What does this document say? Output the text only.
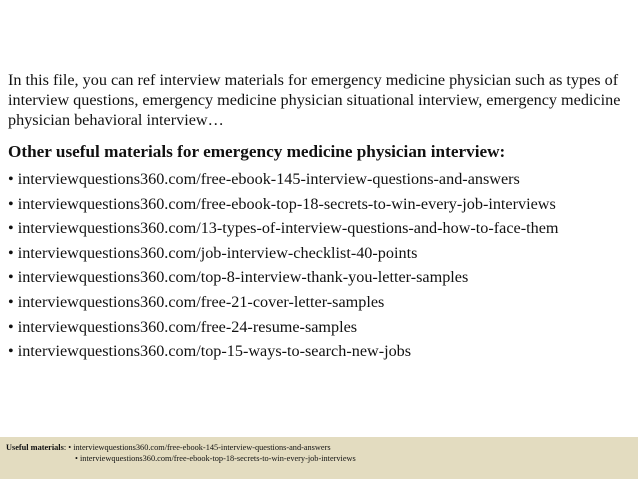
In this file, you can ref interview materials for emergency medicine physician such as types of interview questions, emergency medicine physician situational interview, emergency medicine physician behavioral interview…

Other useful materials for emergency medicine physician interview:
• interviewquestions360.com/free-ebook-145-interview-questions-and-answers
• interviewquestions360.com/free-ebook-top-18-secrets-to-win-every-job-interviews
• interviewquestions360.com/13-types-of-interview-questions-and-how-to-face-them
• interviewquestions360.com/job-interview-checklist-40-points
• interviewquestions360.com/top-8-interview-thank-you-letter-samples
• interviewquestions360.com/free-21-cover-letter-samples
• interviewquestions360.com/free-24-resume-samples
• interviewquestions360.com/top-15-ways-to-search-new-jobs
Useful materials: •
interviewquestions360.com/free-ebook-145-interview-questions-and-answers
•
interviewquestions360.com/free-ebook-top-18-secrets-to-win-every-job-interviews
